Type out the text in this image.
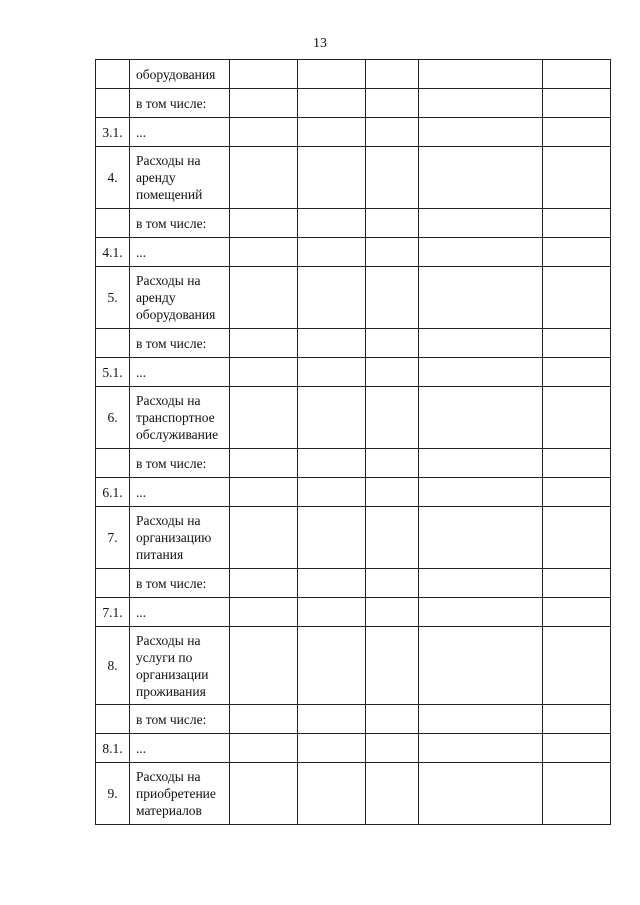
13
	оборудования					
	в том числе:					
3.1.	...					
4.	Расходы на
аренду
помещений					

	в том числе:					
4.1.	...					
5.	Расходы на
аренду
оборудования					

	в том числе:					
5.1.	...					
6.	Расходы на
транспортное
обслуживание					

	в том числе:					
6.1.	...					
7.	Расходы на
организацию
питания					

	в том числе:					
7.1.	...					
8.	Расходы на
услуги по
организации
проживания					

	в том числе:					
8.1.	...					
9.	Расходы на
приобретение
материалов					
